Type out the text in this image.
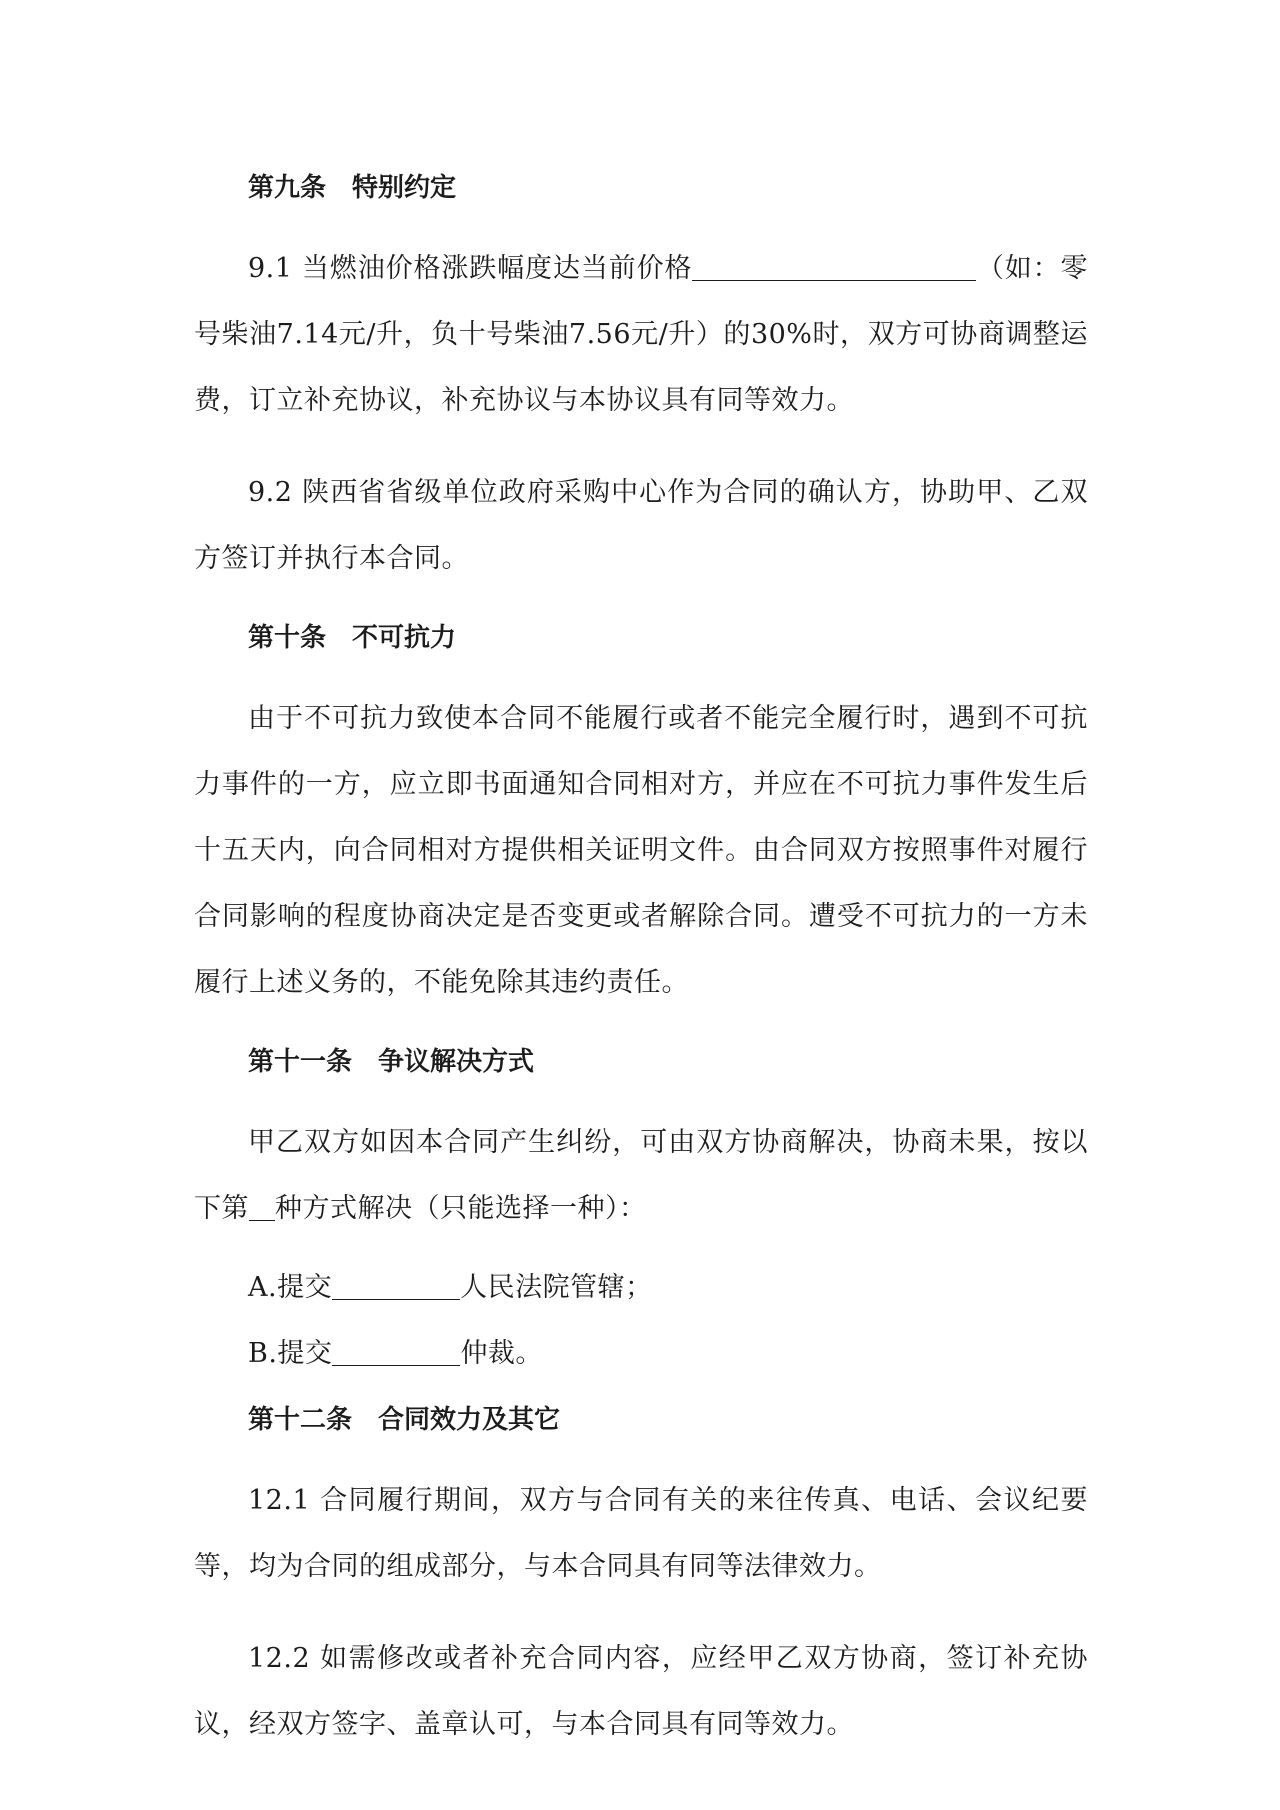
第九条 特别约定

9.1 当燃油价格涨跌幅度达当前价格	（如：零号柴油7.14元/升，负十号柴油7.56元/升）的30%时，双方可协商调整运费，订立补充协议，补充协议与本协议具有同等效力。

9.2 陕西省省级单位政府采购中心作为合同的确认方，协助甲、乙双方签订并执行本合同。

第十条 不可抗力

由于不可抗力致使本合同不能履行或者不能完全履行时，遇到不可抗力事件的一方，应立即书面通知合同相对方，并应在不可抗力事件发生后十五天内，向合同相对方提供相关证明文件。由合同双方按照事件对履行合同影响的程度协商决定是否变更或者解除合同。遭受不可抗力的一方未履行上述义务的，不能免除其违约责任。

第十一条 争议解决方式

甲乙双方如因本合同产生纠纷，可由双方协商解决，协商未果，按以下第 种方式解决（只能选择一种）：

A.提交	人民法院管辖；
B.提交	仲裁。
第十二条 合同效力及其它

12.1 合同履行期间，双方与合同有关的来往传真、电话、会议纪要等，均为合同的组成部分，与本合同具有同等法律效力。

12.2 如需修改或者补充合同内容，应经甲乙双方协商，签订补充协议，经双方签字、盖章认可，与本合同具有同等效力。
